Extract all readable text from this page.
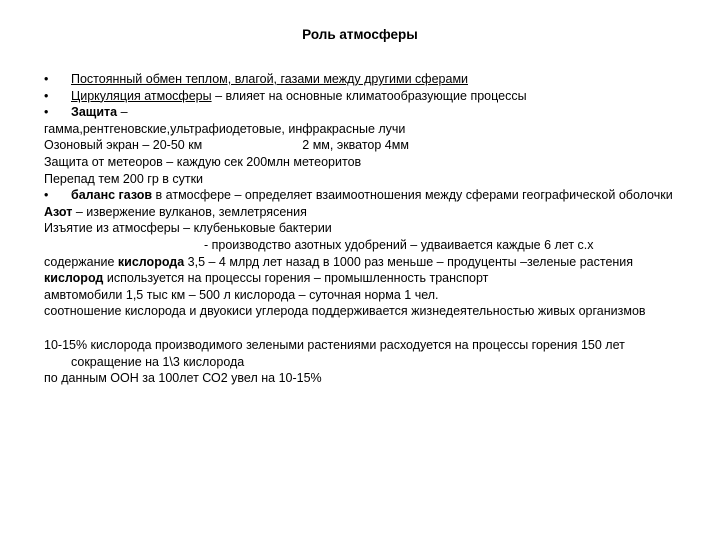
Роль атмосферы

• Постоянный обмен теплом, влагой, газами между другими сферами

• Циркуляция атмосферы – влияет на основные климатообразующие процессы

• Защита –

гамма,рентгеновские,ультрафиодетовые, инфракрасные лучи

Озоновый экран – 20-50 км	2 мм, экватор 4мм

Защита от метеоров – каждую сек 200млн метеоритов

Перепад тем 200 гр в сутки

• баланс газов в атмосфере – определяет взаимоотношения между сферами географической оболочки

Азот – извержение вулканов, землетрясения

Изъятие из атмосферы – клубеньковые бактерии

- производство азотных удобрений – удваивается каждые 6 лет с.х

содержание кислорода 3,5 – 4 млрд лет назад в 1000 раз меньше – продуценты –зеленые растения

кислород используется на процессы горения – промышленность транспорт

амвтомобили 1,5 тыс км – 500 л кислорода – суточная норма 1 чел.

соотношение кислорода и двуокиси углерода поддерживается жизнедеятельностью живых организмов

10-15% кислорода производимого зелеными растениями расходуется на процессы горения 150 лет сокращение на 1\3 кислорода

по данным ООН за 100лет СО2 увел на 10-15%
